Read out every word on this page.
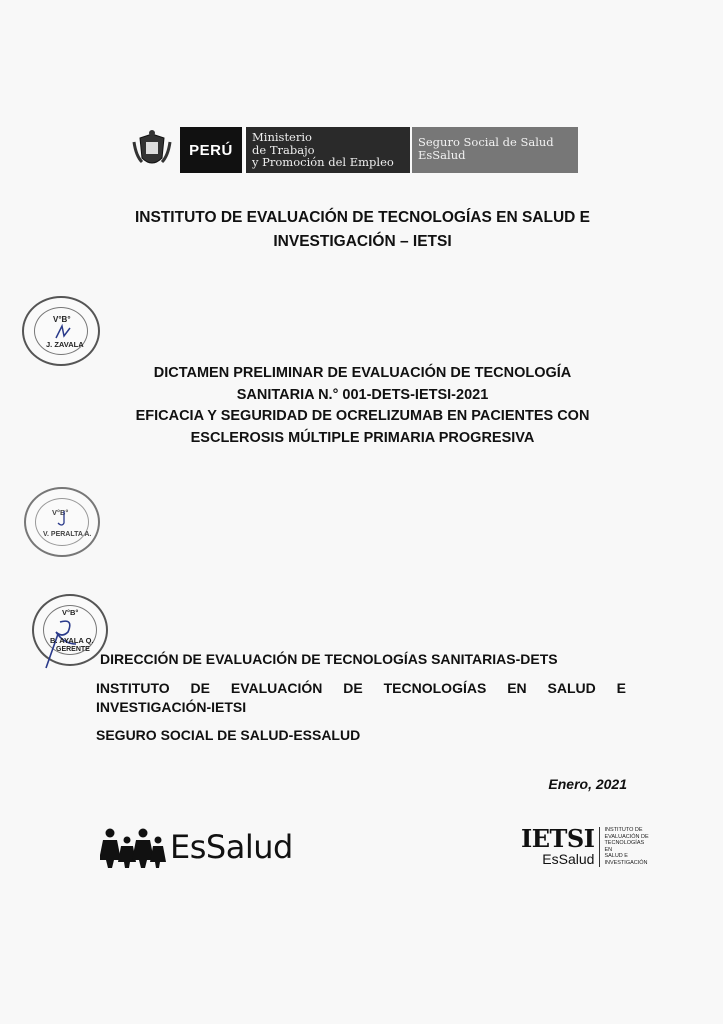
PERÚ
Ministerio
de Trabajo
y Promoción del Empleo
Seguro Social de Salud
EsSalud
INSTITUTO DE EVALUACIÓN DE TECNOLOGÍAS EN SALUD E
INVESTIGACIÓN – IETSI
V°B°
J. ZAVALA
DICTAMEN PRELIMINAR DE EVALUACIÓN DE TECNOLOGÍA
SANITARIA N.° 001-DETS-IETSI-2021
EFICACIA Y SEGURIDAD DE OCRELIZUMAB EN PACIENTES CON
ESCLEROSIS MÚLTIPLE PRIMARIA PROGRESIVA
V°B°
V. PERALTA A.
V°B°
B. AYALA Q.
GERENTE
DIRECCIÓN DE EVALUACIÓN DE TECNOLOGÍAS SANITARIAS-DETS
INSTITUTO DE EVALUACIÓN DE TECNOLOGÍAS EN SALUD E
INVESTIGACIÓN-IETSI
SEGURO SOCIAL DE SALUD-ESSALUD
Enero, 2021
EsSalud	IETSI
EsSalud
INSTITUTO DE
EVALUACIÓN DE
TECNOLOGÍAS EN
SALUD E
INVESTIGACIÓN
